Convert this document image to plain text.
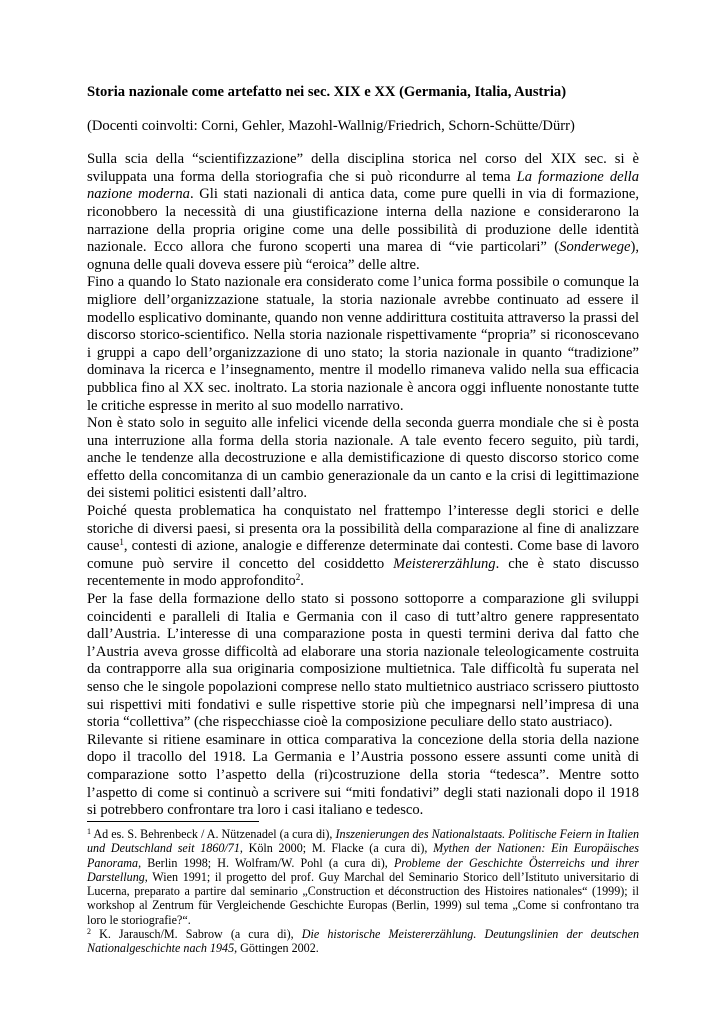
Storia nazionale come artefatto nei sec. XIX e XX (Germania, Italia, Austria)

(Docenti coinvolti: Corni, Gehler, Mazohl-Wallnig/Friedrich, Schorn-Schütte/Dürr)

Sulla scia della “scientifizzazione” della disciplina storica nel corso del XIX sec. si è sviluppata una forma della storiografia che si può ricondurre al tema La formazione della nazione moderna. Gli stati nazionali di antica data, come pure quelli in via di formazione, riconobbero la necessità di una giustificazione interna della nazione e considerarono la narrazione della propria origine come una delle possibilità di produzione delle identità nazionale. Ecco allora che furono scoperti una marea di “vie particolari” (Sonderwege), ognuna delle quali doveva essere più “eroica” delle altre.

Fino a quando lo Stato nazionale era considerato come l’unica forma possibile o comunque la migliore dell’organizzazione statuale, la storia nazionale avrebbe continuato ad essere il modello esplicativo dominante, quando non venne addirittura costituita attraverso la prassi del discorso storico-scientifico. Nella storia nazionale rispettivamente “propria” si riconoscevano i gruppi a capo dell’organizzazione di uno stato; la storia nazionale in quanto “tradizione” dominava la ricerca e l’insegnamento, mentre il modello rimaneva valido nella sua efficacia pubblica fino al XX sec. inoltrato. La storia nazionale è ancora oggi influente nonostante tutte le critiche espresse in merito al suo modello narrativo.

Non è stato solo in seguito alle infelici vicende della seconda guerra mondiale che si è posta una interruzione alla forma della storia nazionale. A tale evento fecero seguito, più tardi, anche le tendenze alla decostruzione e alla demistificazione di questo discorso storico come effetto della concomitanza di un cambio generazionale da un canto e la crisi di legittimazione dei sistemi politici esistenti dall’altro.

Poiché questa problematica ha conquistato nel frattempo l’interesse degli storici e delle storiche di diversi paesi, si presenta ora la possibilità della comparazione al fine di analizzare cause$^1$, contesti di azione, analogie e differenze determinate dai contesti. Come base di lavoro comune può servire il concetto del cosiddetto Meistererzählung. che è stato discusso recentemente in modo approfondito$^2$.

Per la fase della formazione dello stato si possono sottoporre a comparazione gli sviluppi coincidenti e paralleli di Italia e Germania con il caso di tutt’altro genere rappresentato dall’Austria. L’interesse di una comparazione posta in questi termini deriva dal fatto che l’Austria aveva grosse difficoltà ad elaborare una storia nazionale teleologicamente costruita da contrapporre alla sua originaria composizione multietnica. Tale difficoltà fu superata nel senso che le singole popolazioni comprese nello stato multietnico austriaco scrissero piuttosto sui rispettivi miti fondativi e sulle rispettive storie più che impegnarsi nell’impresa di una storia “collettiva” (che rispecchiasse cioè la composizione peculiare dello stato austriaco).

Rilevante si ritiene esaminare in ottica comparativa la concezione della storia della nazione dopo il tracollo del 1918. La Germania e l’Austria possono essere assunti come unità di comparazione sotto l’aspetto della (ri)costruzione della storia “tedesca”. Mentre sotto l’aspetto di come si continuò a scrivere sui “miti fondativi” degli stati nazionali dopo il 1918 si potrebbero confrontare tra loro i casi italiano e tedesco.

$^1$ Ad es. S. Behrenbeck / A. Nützenadel (a cura di), Inszenierungen des Nationalstaats. Politische Feiern in Italien und Deutschland seit 1860/71, Köln 2000; M. Flacke (a cura di), Mythen der Nationen: Ein Europäisches Panorama, Berlin 1998; H. Wolfram/W. Pohl (a cura di), Probleme der Geschichte Österreichs und ihrer Darstellung, Wien 1991; il progetto del prof. Guy Marchal del Seminario Storico dell’Istituto universitario di Lucerna, preparato a partire dal seminario „Construction et déconstruction des Histoires nationales“ (1999); il workshop al Zentrum für Vergleichende Geschichte Europas (Berlin, 1999) sul tema „Come si confrontano tra loro le storiografie?“.

$^2$ K. Jarausch/M. Sabrow (a cura di), Die historische Meistererzählung. Deutungslinien der deutschen Nationalgeschichte nach 1945, Göttingen 2002.
